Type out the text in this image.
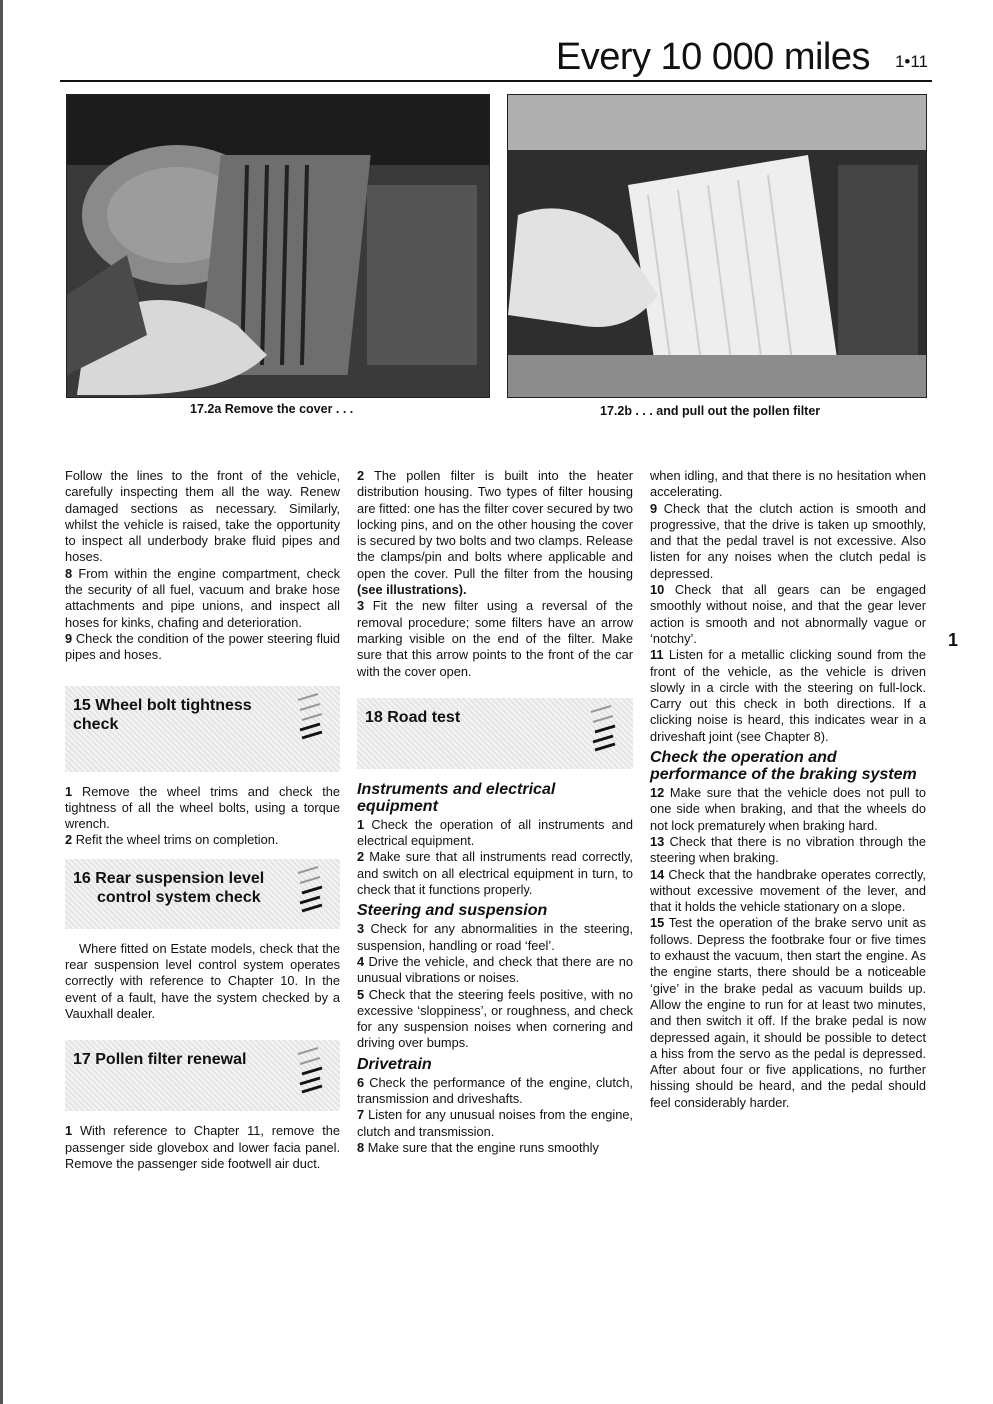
Every 10 000 miles 1•11
17.2a Remove the cover . . .	17.2b . . . and pull out the pollen filter
1

Follow the lines to the front of the vehicle, carefully inspecting them all the way. Renew damaged sections as necessary. Similarly, whilst the vehicle is raised, take the opportunity to inspect all underbody brake fluid pipes and hoses.

8 From within the engine compartment, check the security of all fuel, vacuum and brake hose attachments and pipe unions, and inspect all hoses for kinks, chafing and deterioration.

9 Check the condition of the power steering fluid pipes and hoses.

15 Wheel bolt tightness check

1 Remove the wheel trims and check the tightness of all the wheel bolts, using a torque wrench.

2 Refit the wheel trims on completion.

16 Rear suspension level
control system check

Where fitted on Estate models, check that the rear suspension level control system operates correctly with reference to Chapter 10. In the event of a fault, have the system checked by a Vauxhall dealer.

17 Pollen filter renewal

1 With reference to Chapter 11, remove the passenger side glovebox and lower facia panel. Remove the passenger side footwell air duct.

2 The pollen filter is built into the heater distribution housing. Two types of filter housing are fitted: one has the filter cover secured by two locking pins, and on the other housing the cover is secured by two bolts and two clamps. Release the clamps/pin and bolts where applicable and open the cover. Pull the filter from the housing (see illustrations).

3 Fit the new filter using a reversal of the removal procedure; some filters have an arrow marking visible on the end of the filter. Make sure that this arrow points to the front of the car with the cover open.

18 Road test
Instruments and electrical equipment

1 Check the operation of all instruments and electrical equipment.

2 Make sure that all instruments read correctly, and switch on all electrical equipment in turn, to check that it functions properly.

Steering and suspension

3 Check for any abnormalities in the steering, suspension, handling or road ‘feel’.

4 Drive the vehicle, and check that there are no unusual vibrations or noises.

5 Check that the steering feels positive, with no excessive ‘sloppiness’, or roughness, and check for any suspension noises when cornering and driving over bumps.

Drivetrain

6 Check the performance of the engine, clutch, transmission and driveshafts.

7 Listen for any unusual noises from the engine, clutch and transmission.

8 Make sure that the engine runs smoothly

when idling, and that there is no hesitation when accelerating.

9 Check that the clutch action is smooth and progressive, that the drive is taken up smoothly, and that the pedal travel is not excessive. Also listen for any noises when the clutch pedal is depressed.

10 Check that all gears can be engaged smoothly without noise, and that the gear lever action is smooth and not abnormally vague or ‘notchy’.

11 Listen for a metallic clicking sound from the front of the vehicle, as the vehicle is driven slowly in a circle with the steering on full-lock. Carry out this check in both directions. If a clicking noise is heard, this indicates wear in a driveshaft joint (see Chapter 8).

Check the operation and performance of the braking system

12 Make sure that the vehicle does not pull to one side when braking, and that the wheels do not lock prematurely when braking hard.

13 Check that there is no vibration through the steering when braking.

14 Check that the handbrake operates correctly, without excessive movement of the lever, and that it holds the vehicle stationary on a slope.

15 Test the operation of the brake servo unit as follows. Depress the footbrake four or five times to exhaust the vacuum, then start the engine. As the engine starts, there should be a noticeable ‘give’ in the brake pedal as vacuum builds up. Allow the engine to run for at least two minutes, and then switch it off. If the brake pedal is now depressed again, it should be possible to detect a hiss from the servo as the pedal is depressed. After about four or five applications, no further hissing should be heard, and the pedal should feel considerably harder.
